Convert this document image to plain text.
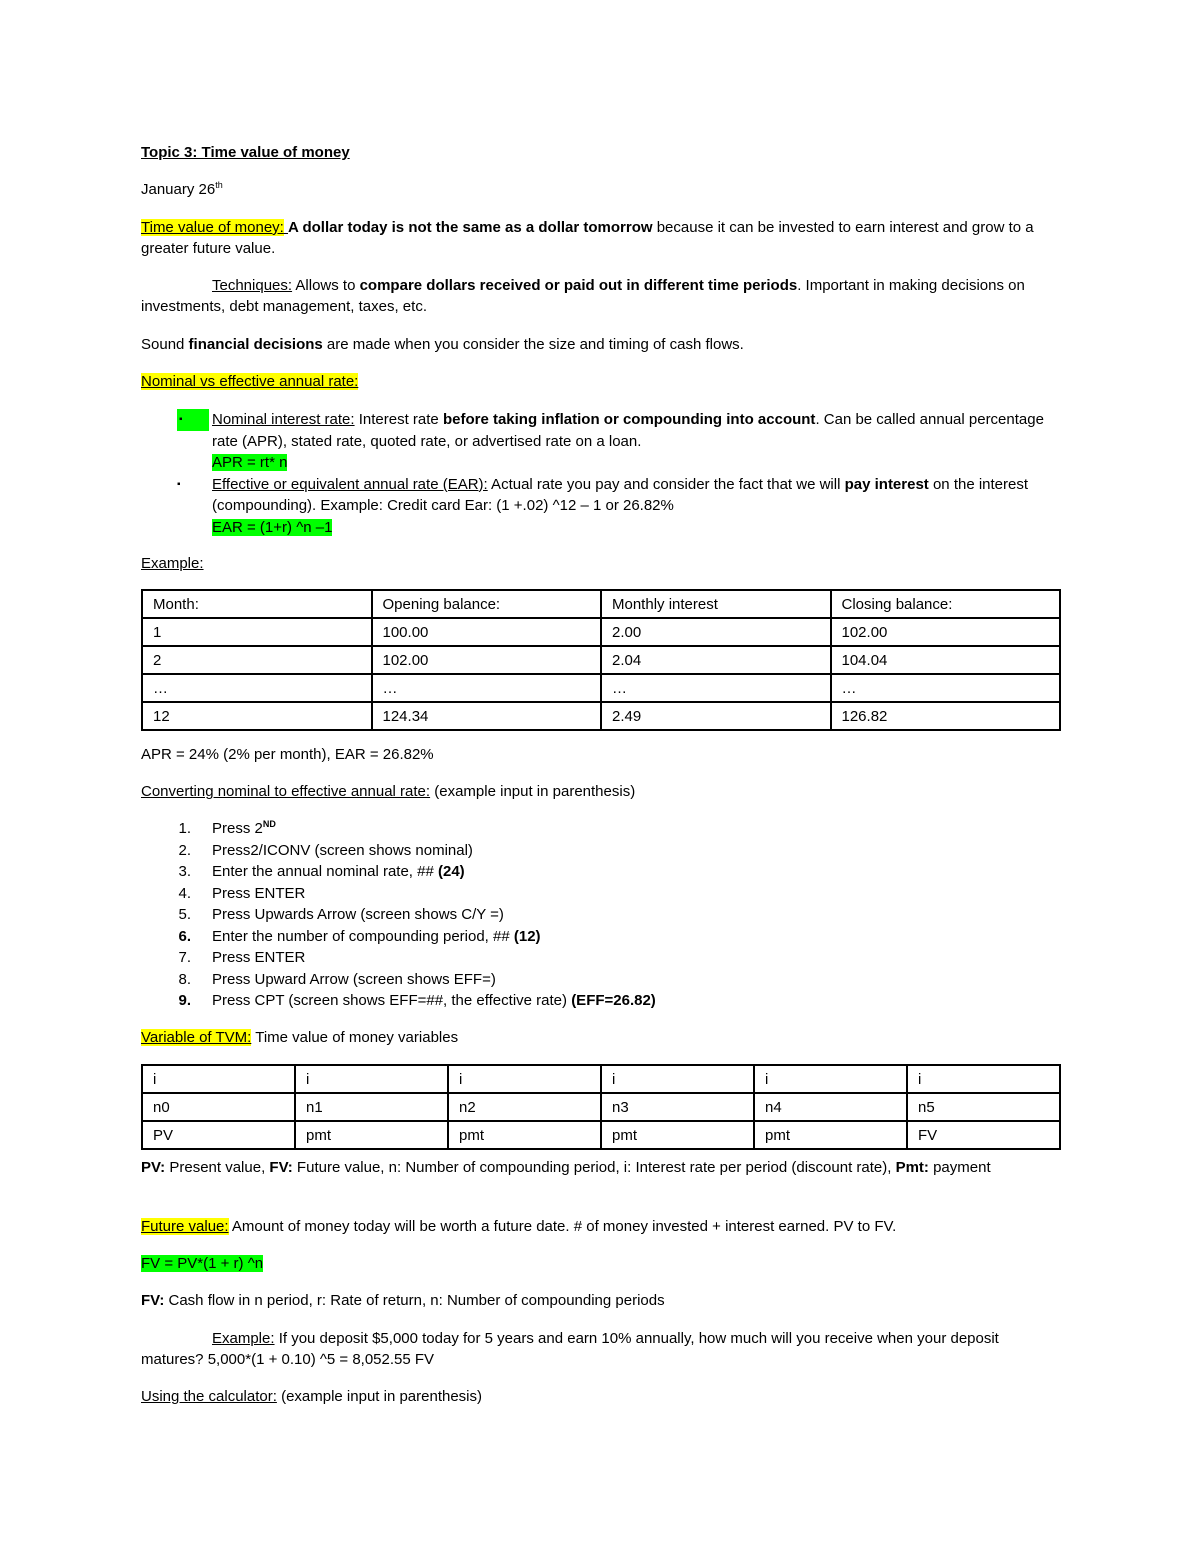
Topic 3: Time value of money

January 26th

Time value of money: A dollar today is not the same as a dollar tomorrow because it can be invested to earn interest and grow to a greater future value.

Techniques: Allows to compare dollars received or paid out in different time periods. Important in making decisions on investments, debt management, taxes, etc.

Sound financial decisions are made when you consider the size and timing of cash flows.

Nominal vs effective annual rate:

▪	Nominal interest rate: Interest rate before taking inflation or compounding into account. Can be called annual percentage rate (APR), stated rate, quoted rate, or advertised rate on a loan.
APR = rt* n
▪ Effective or equivalent annual rate (EAR): Actual rate you pay and consider the fact that we will pay interest on the interest (compounding). Example: Credit card Ear: (1 +.02) ^12 – 1 or 26.82%
EAR = (1+r) ^n –1

Example:

Month:	Opening balance:	Monthly interest	Closing balance:
1	100.00	2.00	102.00
2	102.00	2.04	104.04
…	…	…	…
12	124.34	2.49	126.82

APR = 24% (2% per month), EAR = 26.82%

Converting nominal to effective annual rate: (example input in parenthesis)

1. Press 2ND
2. Press2/ICONV (screen shows nominal)
3. Enter the annual nominal rate, ## (24)
4. Press ENTER
5. Press Upwards Arrow (screen shows C/Y =)
6. Enter the number of compounding period, ## (12)
7. Press ENTER
8. Press Upward Arrow (screen shows EFF=)
9. Press CPT (screen shows EFF=##, the effective rate) (EFF=26.82)

Variable of TVM: Time value of money variables

i	i	i	i	i	i
n0	n1	n2	n3	n4	n5
PV	pmt	pmt	pmt	pmt	FV

PV: Present value, FV: Future value, n: Number of compounding period, i: Interest rate per period (discount rate), Pmt: payment

Future value: Amount of money today will be worth a future date. # of money invested + interest earned. PV to FV.

FV = PV*(1 + r) ^n

FV: Cash flow in n period, r: Rate of return, n: Number of compounding periods

Example: If you deposit $5,000 today for 5 years and earn 10% annually, how much will you receive when your deposit matures? 5,000*(1 + 0.10) ^5 = 8,052.55 FV

Using the calculator: (example input in parenthesis)
